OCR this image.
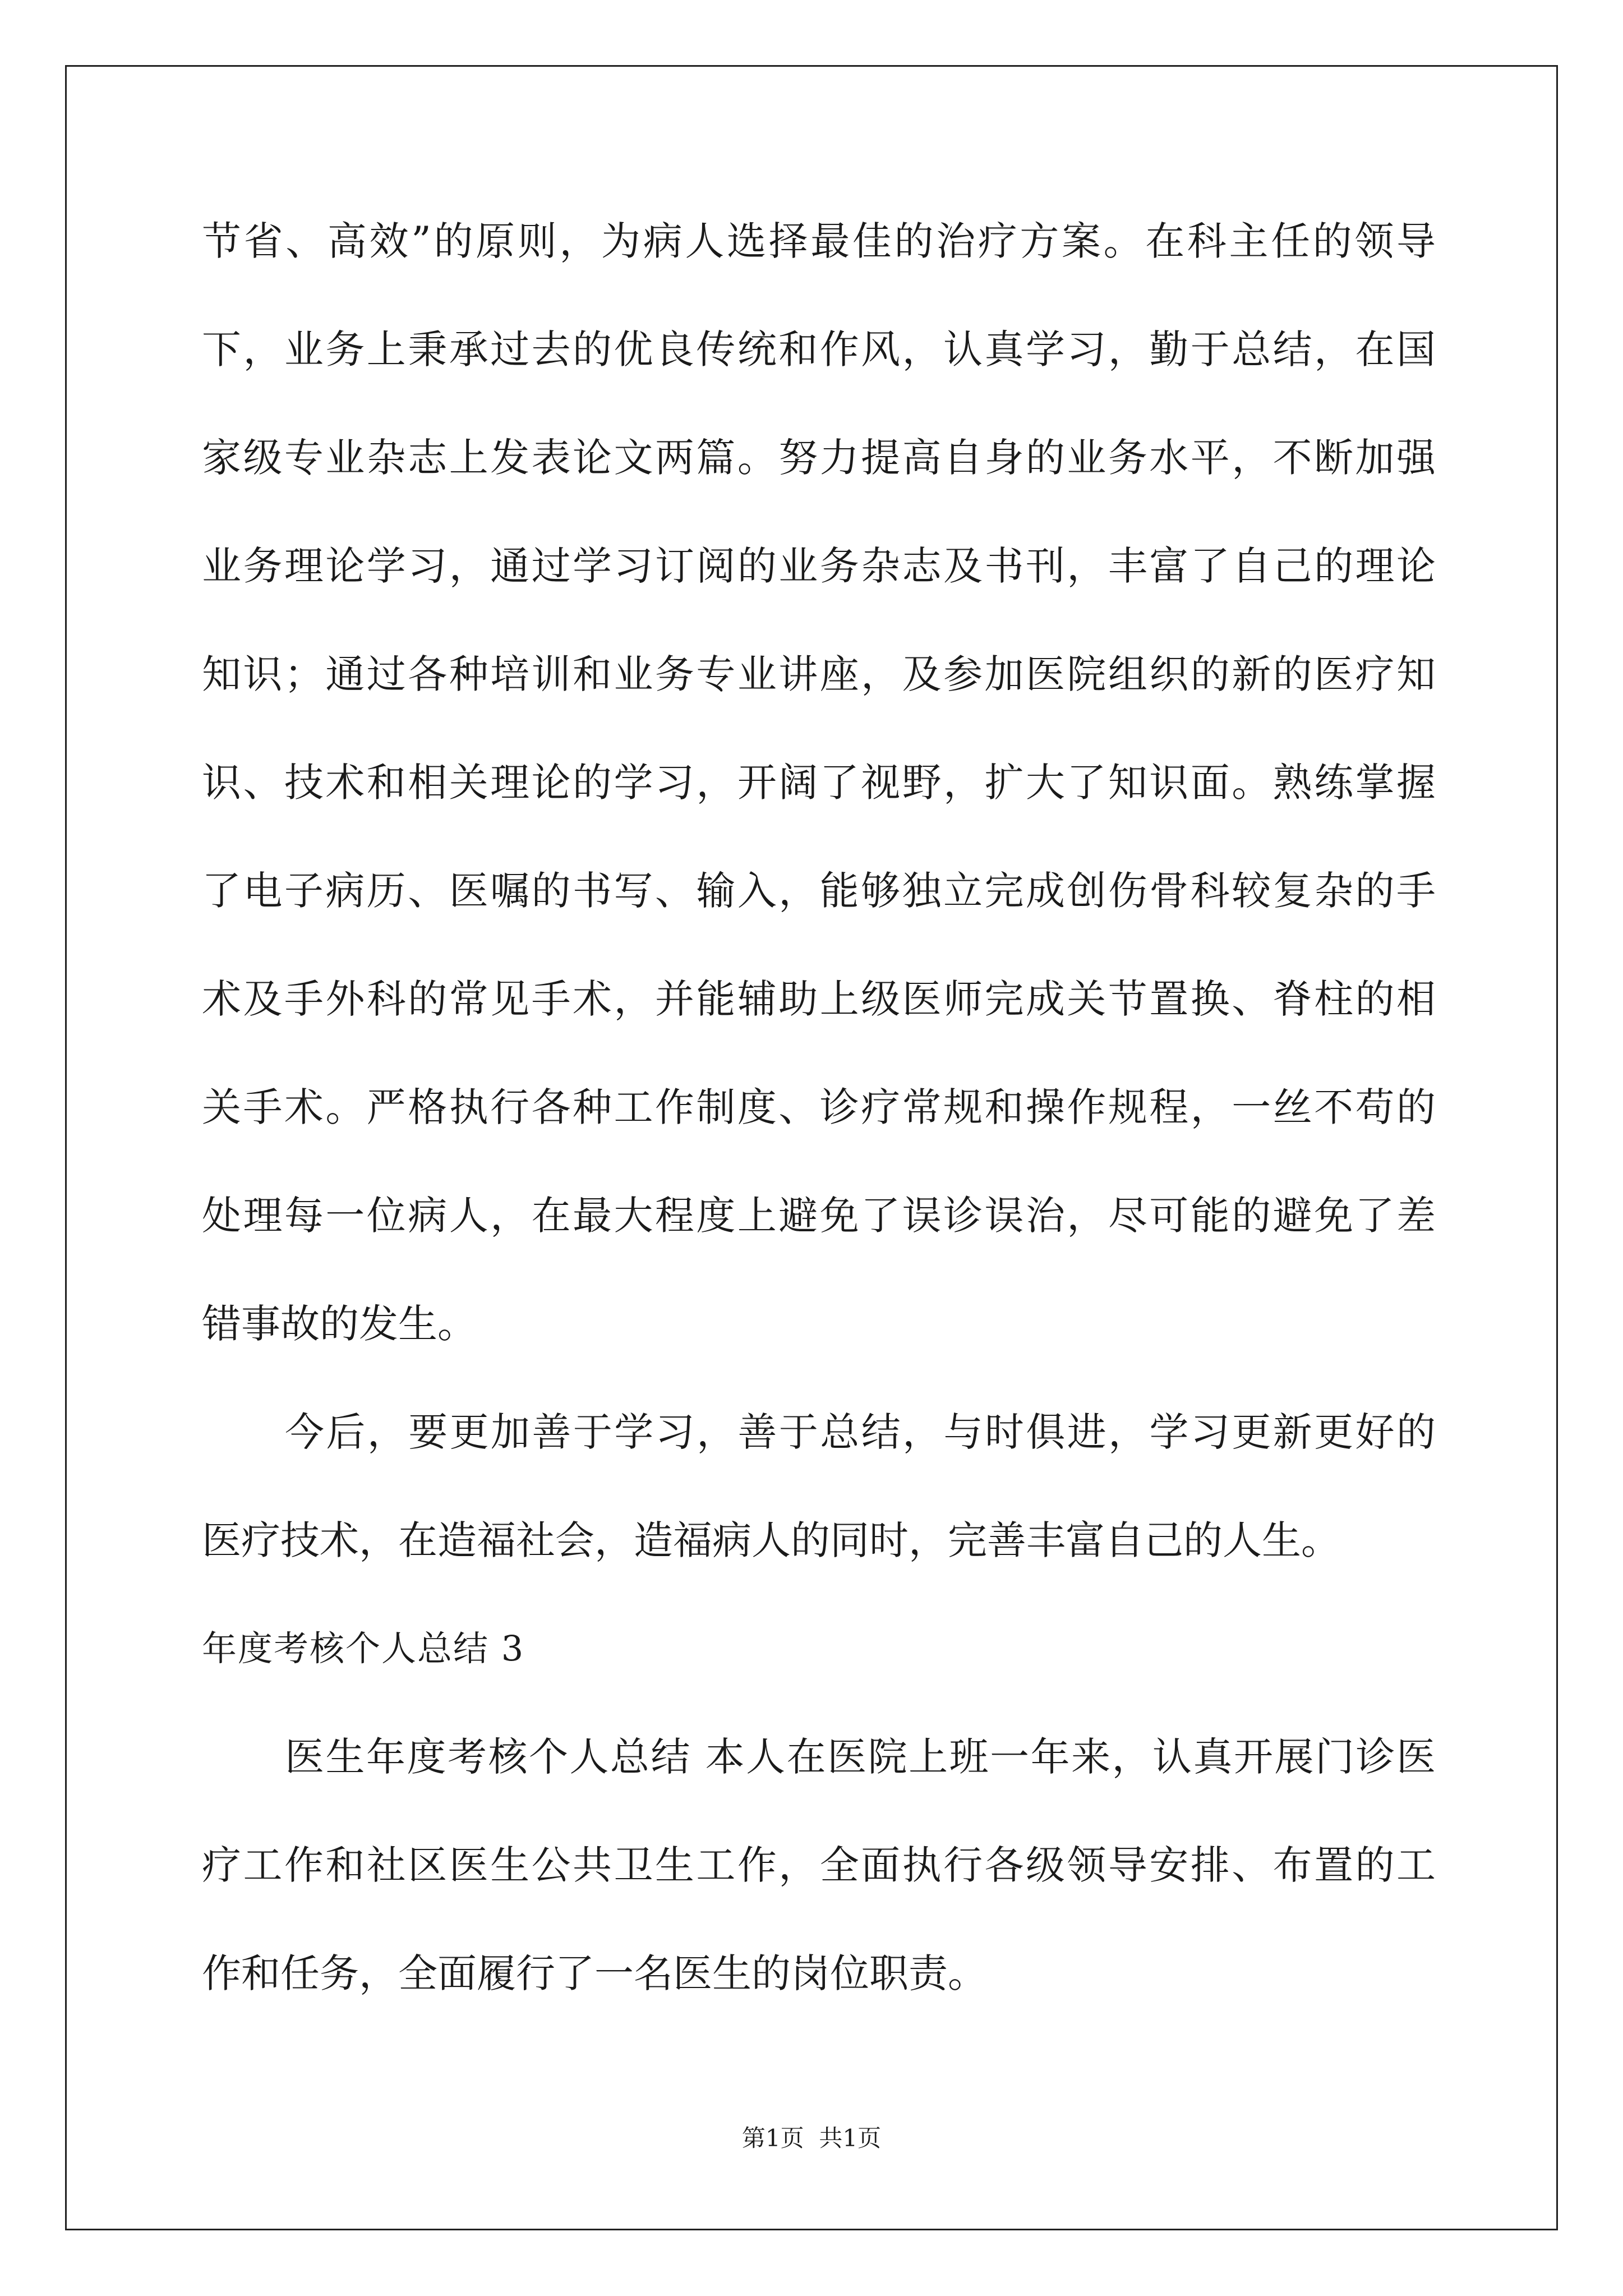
节省、高效”的原则，为病人选择最佳的治疗方案。在科主任的领导
下，业务上秉承过去的优良传统和作风，认真学习，勤于总结，在国
家级专业杂志上发表论文两篇。努力提高自身的业务水平，不断加强
业务理论学习，通过学习订阅的业务杂志及书刊，丰富了自己的理论
知识；通过各种培训和业务专业讲座，及参加医院组织的新的医疗知
识、技术和相关理论的学习，开阔了视野，扩大了知识面。熟练掌握
了电子病历、医嘱的书写、输入，能够独立完成创伤骨科较复杂的手
术及手外科的常见手术，并能辅助上级医师完成关节置换、脊柱的相
关手术。严格执行各种工作制度、诊疗常规和操作规程，一丝不苟的
处理每一位病人，在最大程度上避免了误诊误治，尽可能的避免了差
错事故的发生。
今后，要更加善于学习，善于总结，与时俱进，学习更新更好的
医疗技术，在造福社会，造福病人的同时，完善丰富自己的人生。
年度考核个人总结 3
医生年度考核个人总结 本人在医院上班一年来，认真开展门诊医
疗工作和社区医生公共卫生工作，全面执行各级领导安排、布置的工
作和任务，全面履行了一名医生的岗位职责。
第1页  共1页
